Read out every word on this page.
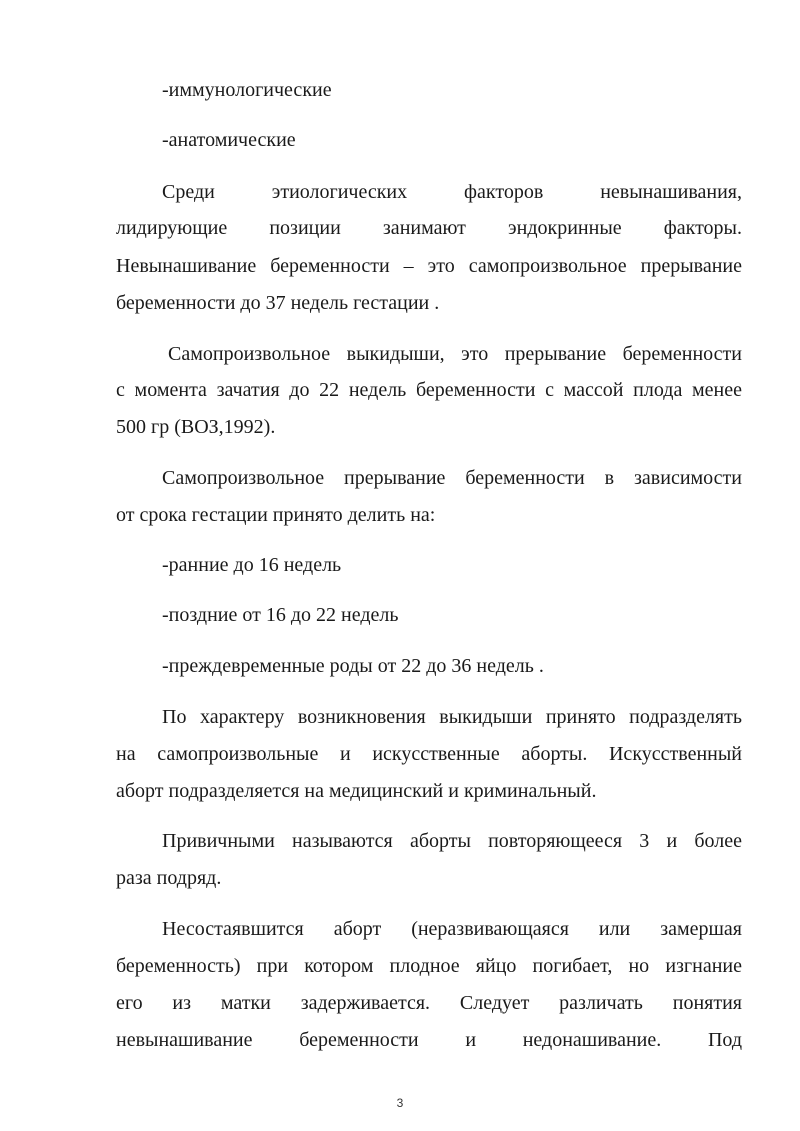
-иммунологические
-анатомические
Среди этиологических факторов невынашивания,
лидирующие позиции занимают эндокринные факторы.
Невынашивание беременности – это самопроизвольное прерывание
беременности до 37 недель гестации .
Самопроизвольное выкидыши, это прерывание беременности
с момента зачатия до 22 недель беременности с массой плода менее
500 гр (ВОЗ,1992).
Самопроизвольное прерывание беременности в зависимости
от срока гестации принято делить на:
-ранние до 16 недель
-поздние от 16 до 22 недель
-преждевременные роды от 22 до 36 недель .
По характеру возникновения выкидыши принято подразделять
на самопроизвольные и искусственные аборты. Искусственный
аборт подразделяется на медицинский и криминальный.
Привичными называются аборты повторяющееся 3 и более
раза подряд.
Несостаявшится аборт (неразвивающаяся или замершая
беременность) при котором плодное яйцо погибает, но изгнание
его из матки задерживается. Следует различать понятия
невынашивание беременности и недонашивание. Под
3
